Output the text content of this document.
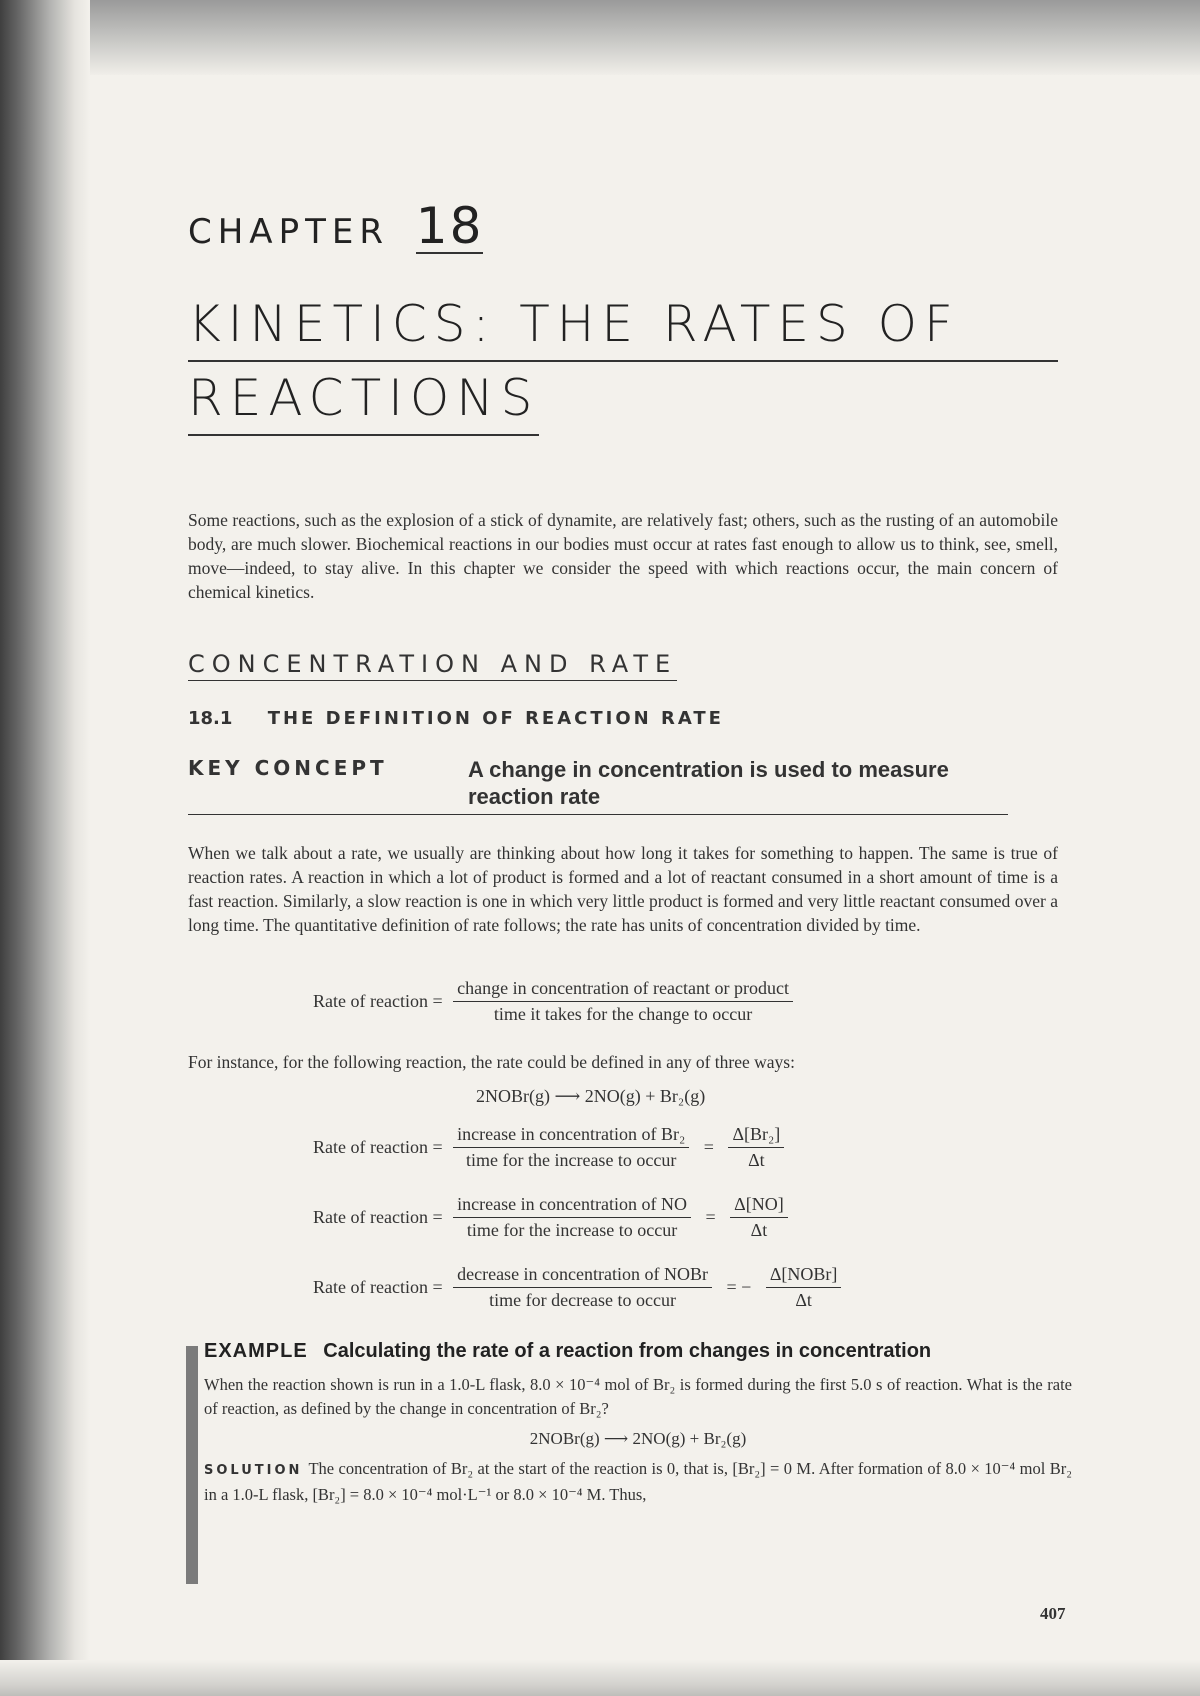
CHAPTER 18
KINETICS: THE RATES OF
REACTIONS

Some reactions, such as the explosion of a stick of dynamite, are relatively fast; others, such as the rusting of an automobile body, are much slower. Biochemical reactions in our bodies must occur at rates fast enough to allow us to think, see, smell, move—indeed, to stay alive. In this chapter we consider the speed with which reactions occur, the main concern of chemical kinetics.

CONCENTRATION AND RATE
18.1 THE DEFINITION OF REACTION RATE
KEY CONCEPT	A change in concentration is used to measure reaction rate

When we talk about a rate, we usually are thinking about how long it takes for something to happen. The same is true of reaction rates. A reaction in which a lot of product is formed and a lot of reactant consumed in a short amount of time is a fast reaction. Similarly, a slow reaction is one in which very little product is formed and very little reactant consumed over a long time. The quantitative definition of rate follows; the rate has units of concentration divided by time.

Rate of reaction = $\frac{\text{change in concentration of reactant or product}}{\text{time it takes for the change to occur}}$

For instance, for the following reaction, the rate could be defined in any of three ways:

2NOBr(g) ⟶ 2NO(g) + Br₂(g)
Rate of reaction = $\frac{\text{increase in concentration of Br₂}}{\text{time for the increase to occur}} = \frac{\text{Δ[Br₂]}}{\Delta t}$
Rate of reaction = $\frac{\text{increase in concentration of NO}}{\text{time for the increase to occur}} = \frac{\Delta[NO]}{\Delta t}$
Rate of reaction = $\frac{\text{decrease in concentration of NOBr}}{\text{time for decrease to occur}}$ = − $\frac{\text{Δ[NOBr]}}{\Delta t}$
EXAMPLE Calculating the rate of a reaction from changes in concentration
When the reaction shown is run in a 1.0-L flask, 8.0 × 10⁻⁴ mol of Br₂ is formed during the first 5.0 s of reaction. What is the rate of reaction, as defined by the change in concentration of Br₂?
2NOBr(g) ⟶ 2NO(g) + Br₂(g)
SOLUTION The concentration of Br₂ at the start of the reaction is 0, that is, [Br₂] = 0 M. After formation of 8.0 × 10⁻⁴ mol Br₂ in a 1.0-L flask, [Br₂] = 8.0 × 10⁻⁴ mol·L⁻¹ or 8.0 × 10⁻⁴ M. Thus,
407
